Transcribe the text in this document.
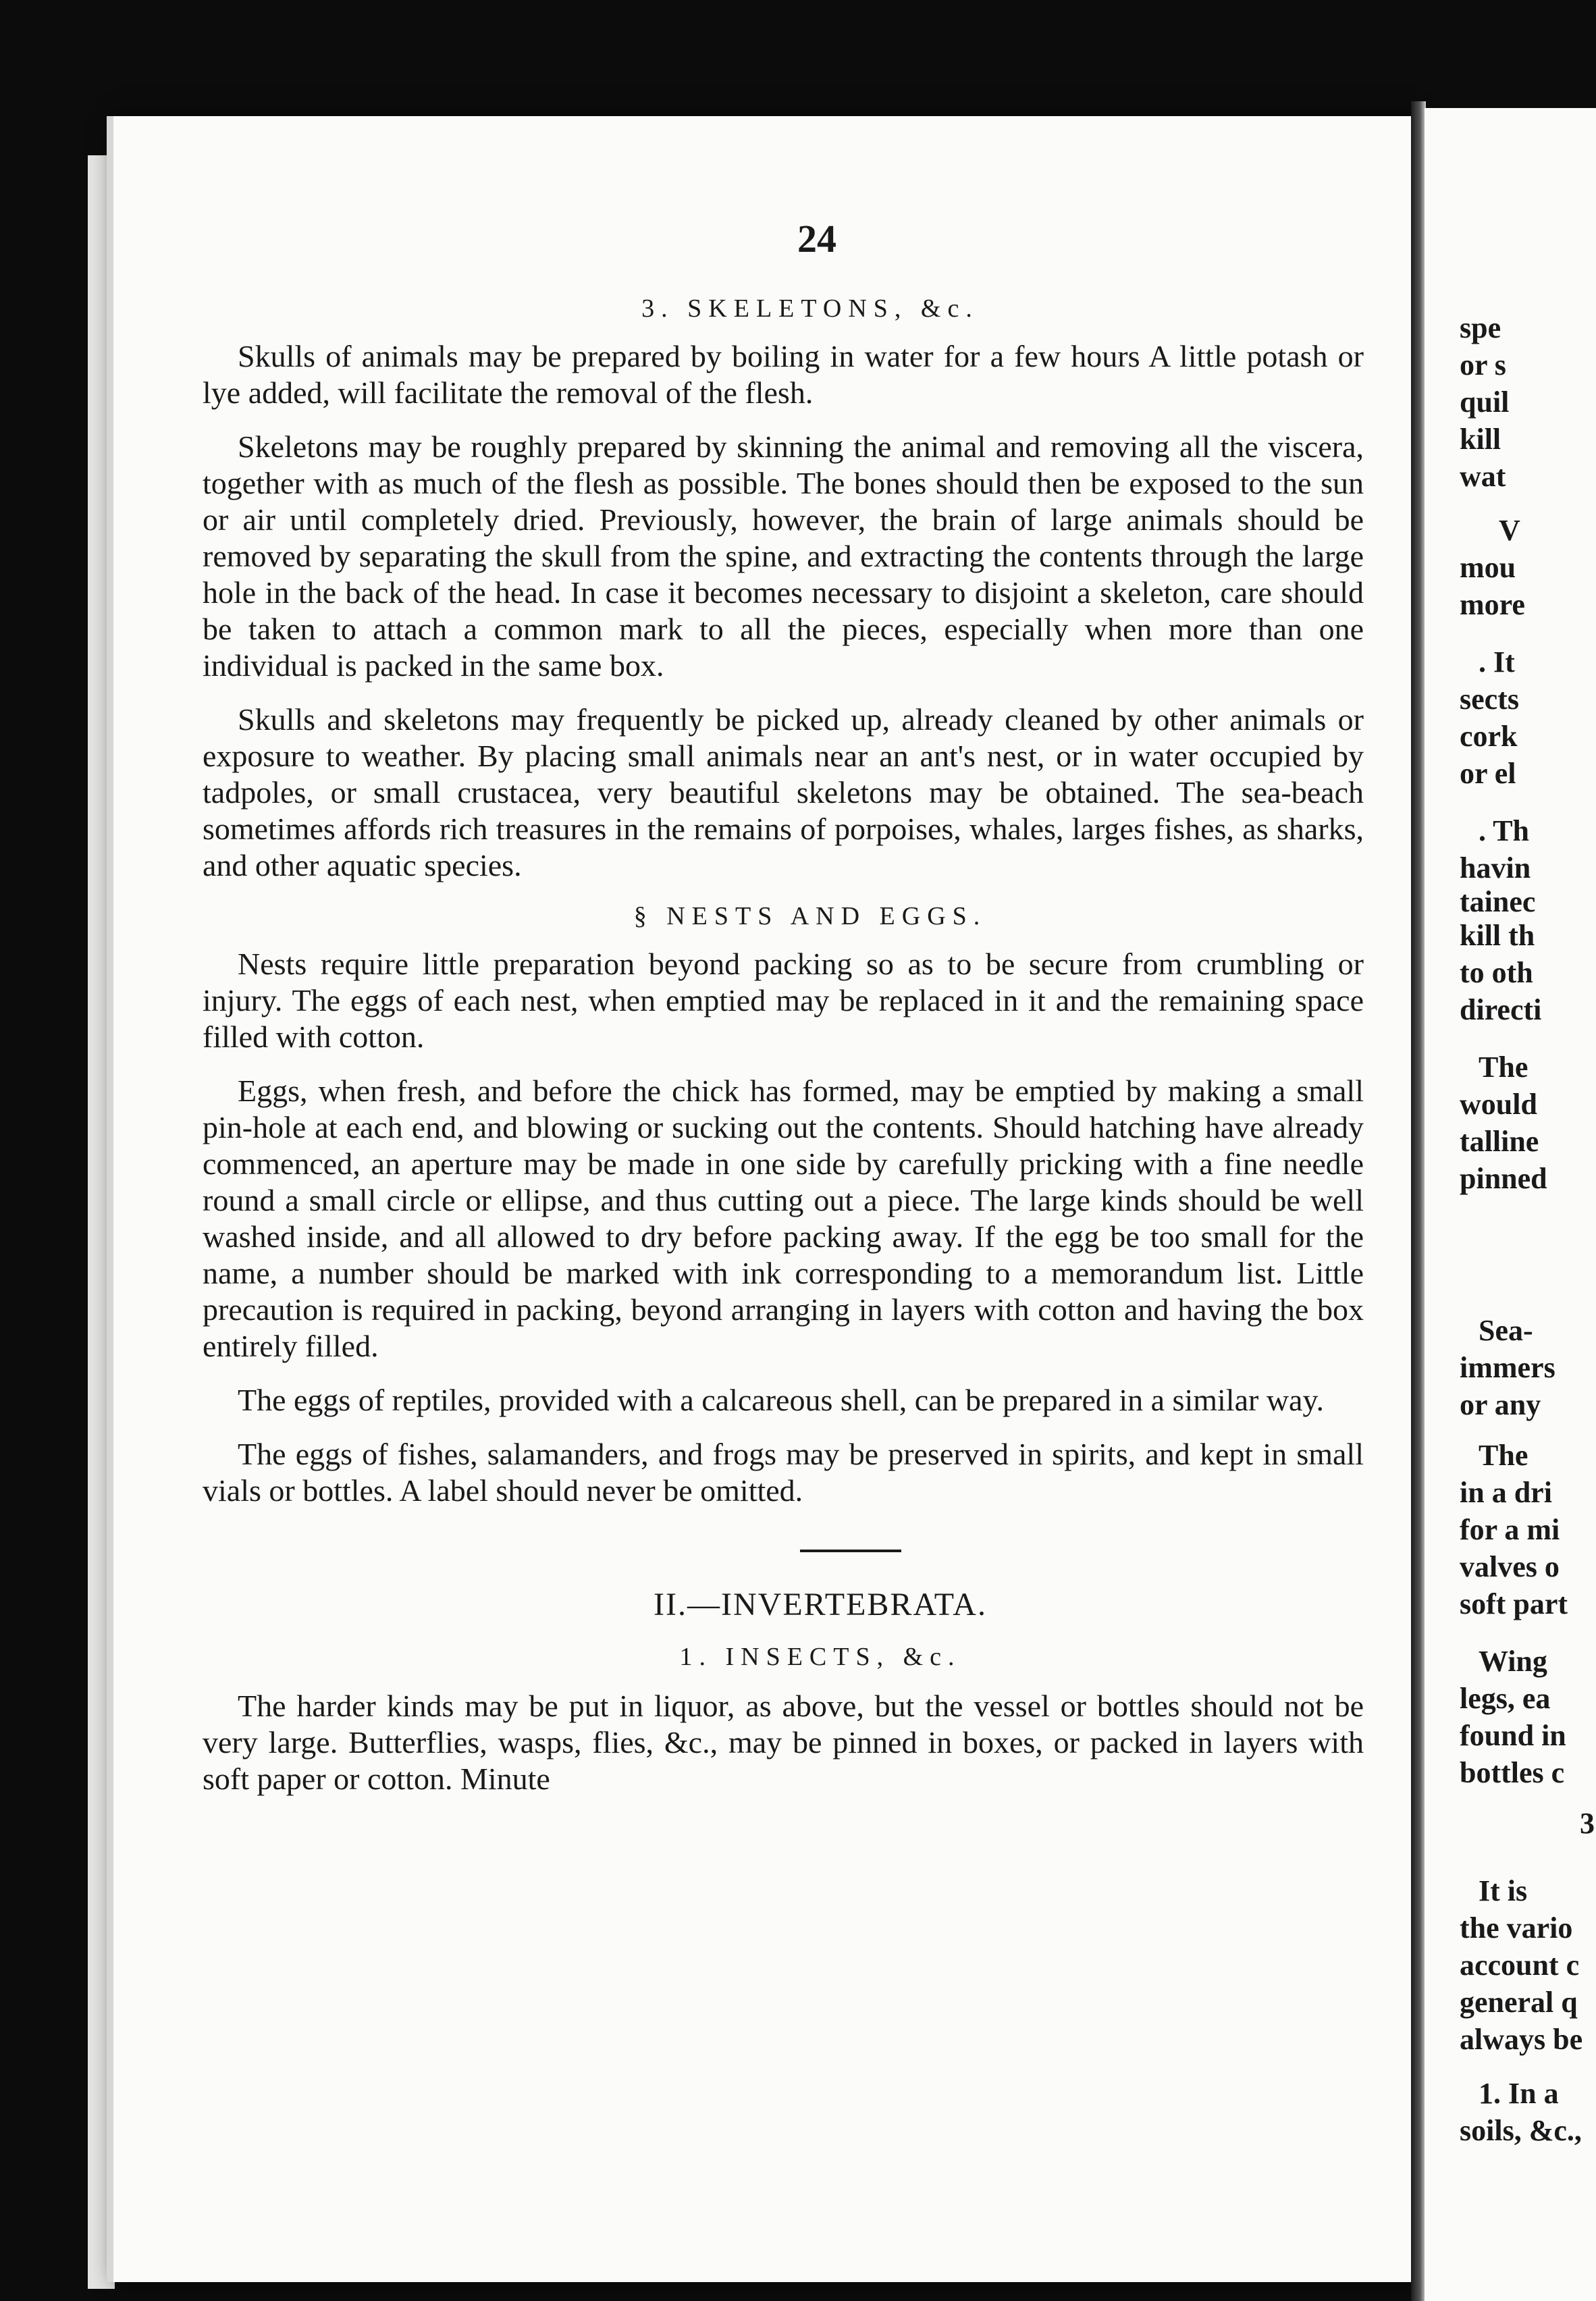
24
3. SKELETONS, &c.

Skulls of animals may be prepared by boiling in water for a few hours A little potash or lye added, will facilitate the removal of the flesh.

Skeletons may be roughly prepared by skinning the animal and removing all the viscera, together with as much of the flesh as possible. The bones should then be exposed to the sun or air until completely dried. Previously, however, the brain of large animals should be removed by separating the skull from the spine, and extracting the contents through the large hole in the back of the head. In case it becomes necessary to disjoint a skeleton, care should be taken to attach a common mark to all the pieces, especially when more than one individual is packed in the same box.

Skulls and skeletons may frequently be picked up, already cleaned by other animals or exposure to weather. By placing small animals near an ant's nest, or in water occupied by tadpoles, or small crustacea, very beautiful skeletons may be obtained. The sea-beach sometimes affords rich treasures in the remains of porpoises, whales, larges fishes, as sharks, and other aquatic species.

§ NESTS AND EGGS.

Nests require little preparation beyond packing so as to be secure from crumbling or injury. The eggs of each nest, when emptied may be replaced in it and the remaining space filled with cotton.

Eggs, when fresh, and before the chick has formed, may be emptied by making a small pin-hole at each end, and blowing or sucking out the contents. Should hatching have already commenced, an aperture may be made in one side by carefully pricking with a fine needle round a small circle or ellipse, and thus cutting out a piece. The large kinds should be well washed inside, and all allowed to dry before packing away. If the egg be too small for the name, a number should be marked with ink corresponding to a memorandum list. Little precaution is required in packing, beyond arranging in layers with cotton and having the box entirely filled.

The eggs of reptiles, provided with a calcareous shell, can be prepared in a similar way.

The eggs of fishes, salamanders, and frogs may be preserved in spirits, and kept in small vials or bottles. A label should never be omitted.

II.—INVERTEBRATA.
1. INSECTS, &c.

The harder kinds may be put in liquor, as above, but the vessel or bottles should not be very large. Butterflies, wasps, flies, &c., may be pinned in boxes, or packed in layers with soft paper or cotton. Minute

spe
or s
quil
kill
wat
V
mou
more
. It
sects
cork
or el
. Th
havin
tainec
kill th
to oth
directi
The
would
talline
pinned
Sea-
immers
or any
The
in a dri
for a mi
valves o
soft part
Wing
legs, ea
found in
bottles c
3
It is
the vario
account c
general q
always be
1. In a
soils, &c.,
